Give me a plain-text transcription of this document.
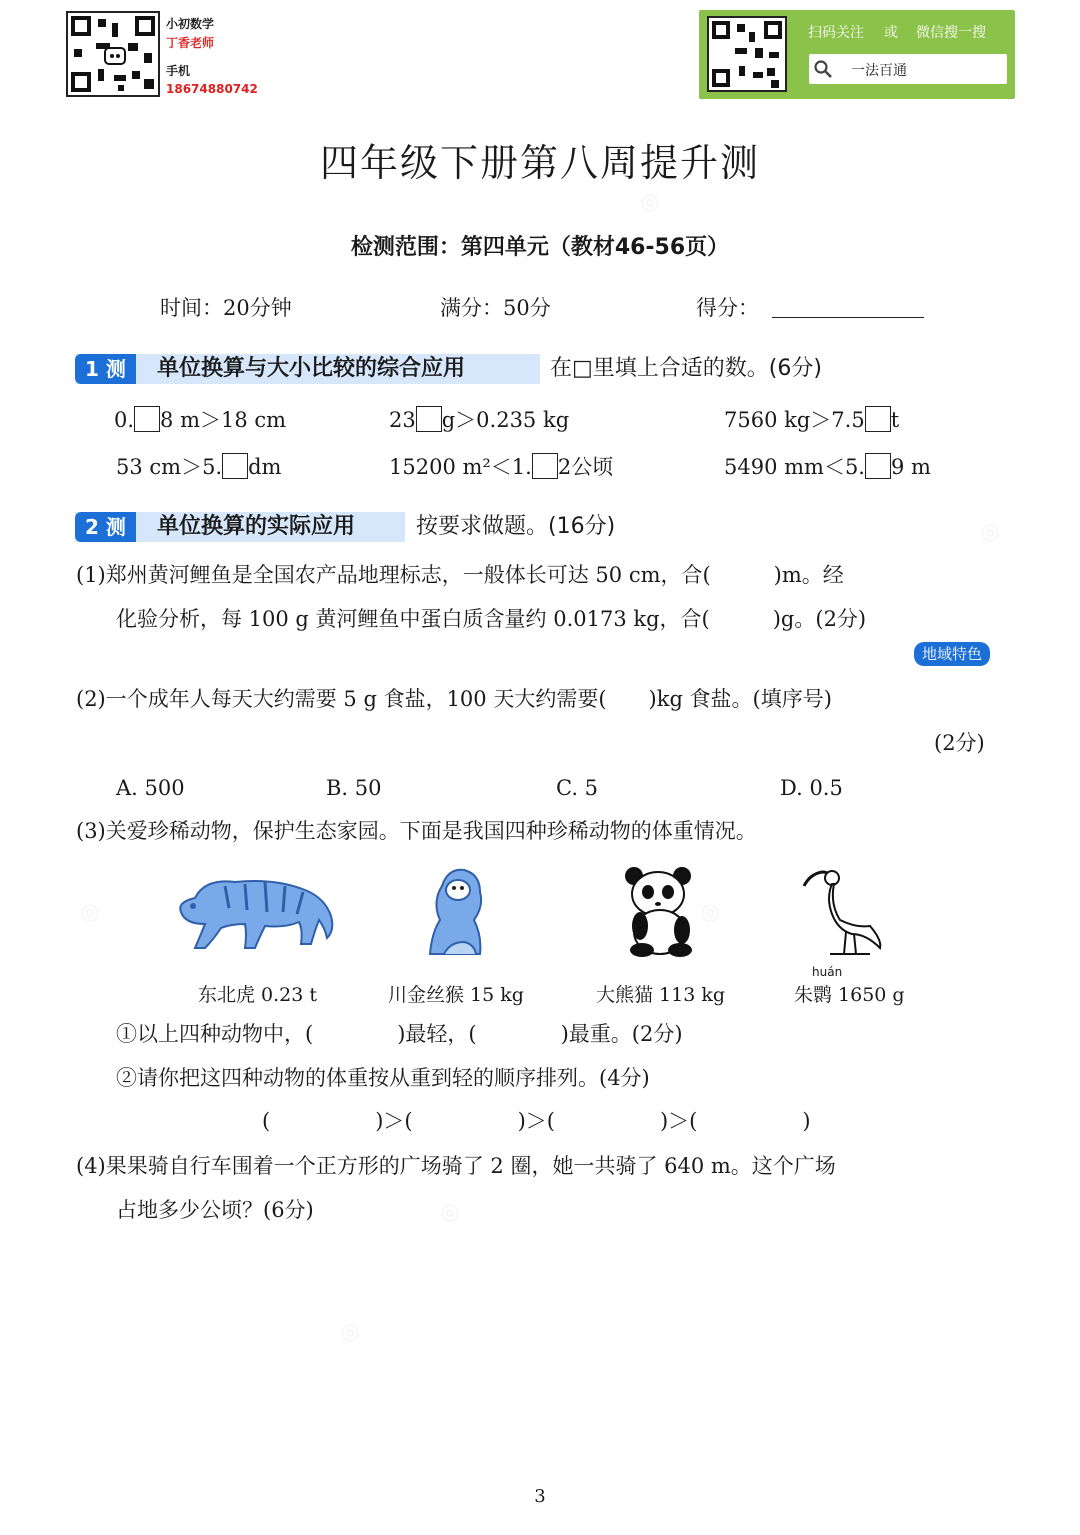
◎
◎
◎	◎
◎
◎
小初数学
丁香老师
手机
18674880742
扫码关注 或 微信搜一搜
一法百通
四年级下册第八周提升测
检测范围：第四单元（教材46-56页）
时间：20分钟	满分：50分	得分：
1 测	单位换算与大小比较的综合应用	在□里填上合适的数。(6分)
0. 8 m＞18 cm	23 g＞0.235 kg	7560 kg＞7.5 t
53 cm＞5. dm	15200 m²＜1. 2公顷	5490 mm＜5. 9 m
2 测	单位换算的实际应用	按要求做题。(16分)
(1)郑州黄河鲤鱼是全国农产品地理标志，一般体长可达 50 cm，合(　　　)m。经
化验分析，每 100 g 黄河鲤鱼中蛋白质含量约 0.0173 kg，合(　　　)g。(2分)
地域特色
(2)一个成年人每天大约需要 5 g 食盐，100 天大约需要(　　)kg 食盐。(填序号)
(2分)
A. 500	B. 50	C. 5	D. 0.5
(3)关爱珍稀动物，保护生态家园。下面是我国四种珍稀动物的体重情况。
东北虎 0.23 t	川金丝猴 15 kg	大熊猫 113 kg
huán
朱鹮 1650 g
①以上四种动物中，(　　　　)最轻，(　　　　)最重。(2分)
②请你把这四种动物的体重按从重到轻的顺序排列。(4分)
(　　　　　)＞(　　　　　)＞(　　　　　)＞(　　　　　)
(4)果果骑自行车围着一个正方形的广场骑了 2 圈，她一共骑了 640 m。这个广场
占地多少公顷？(6分)
3
